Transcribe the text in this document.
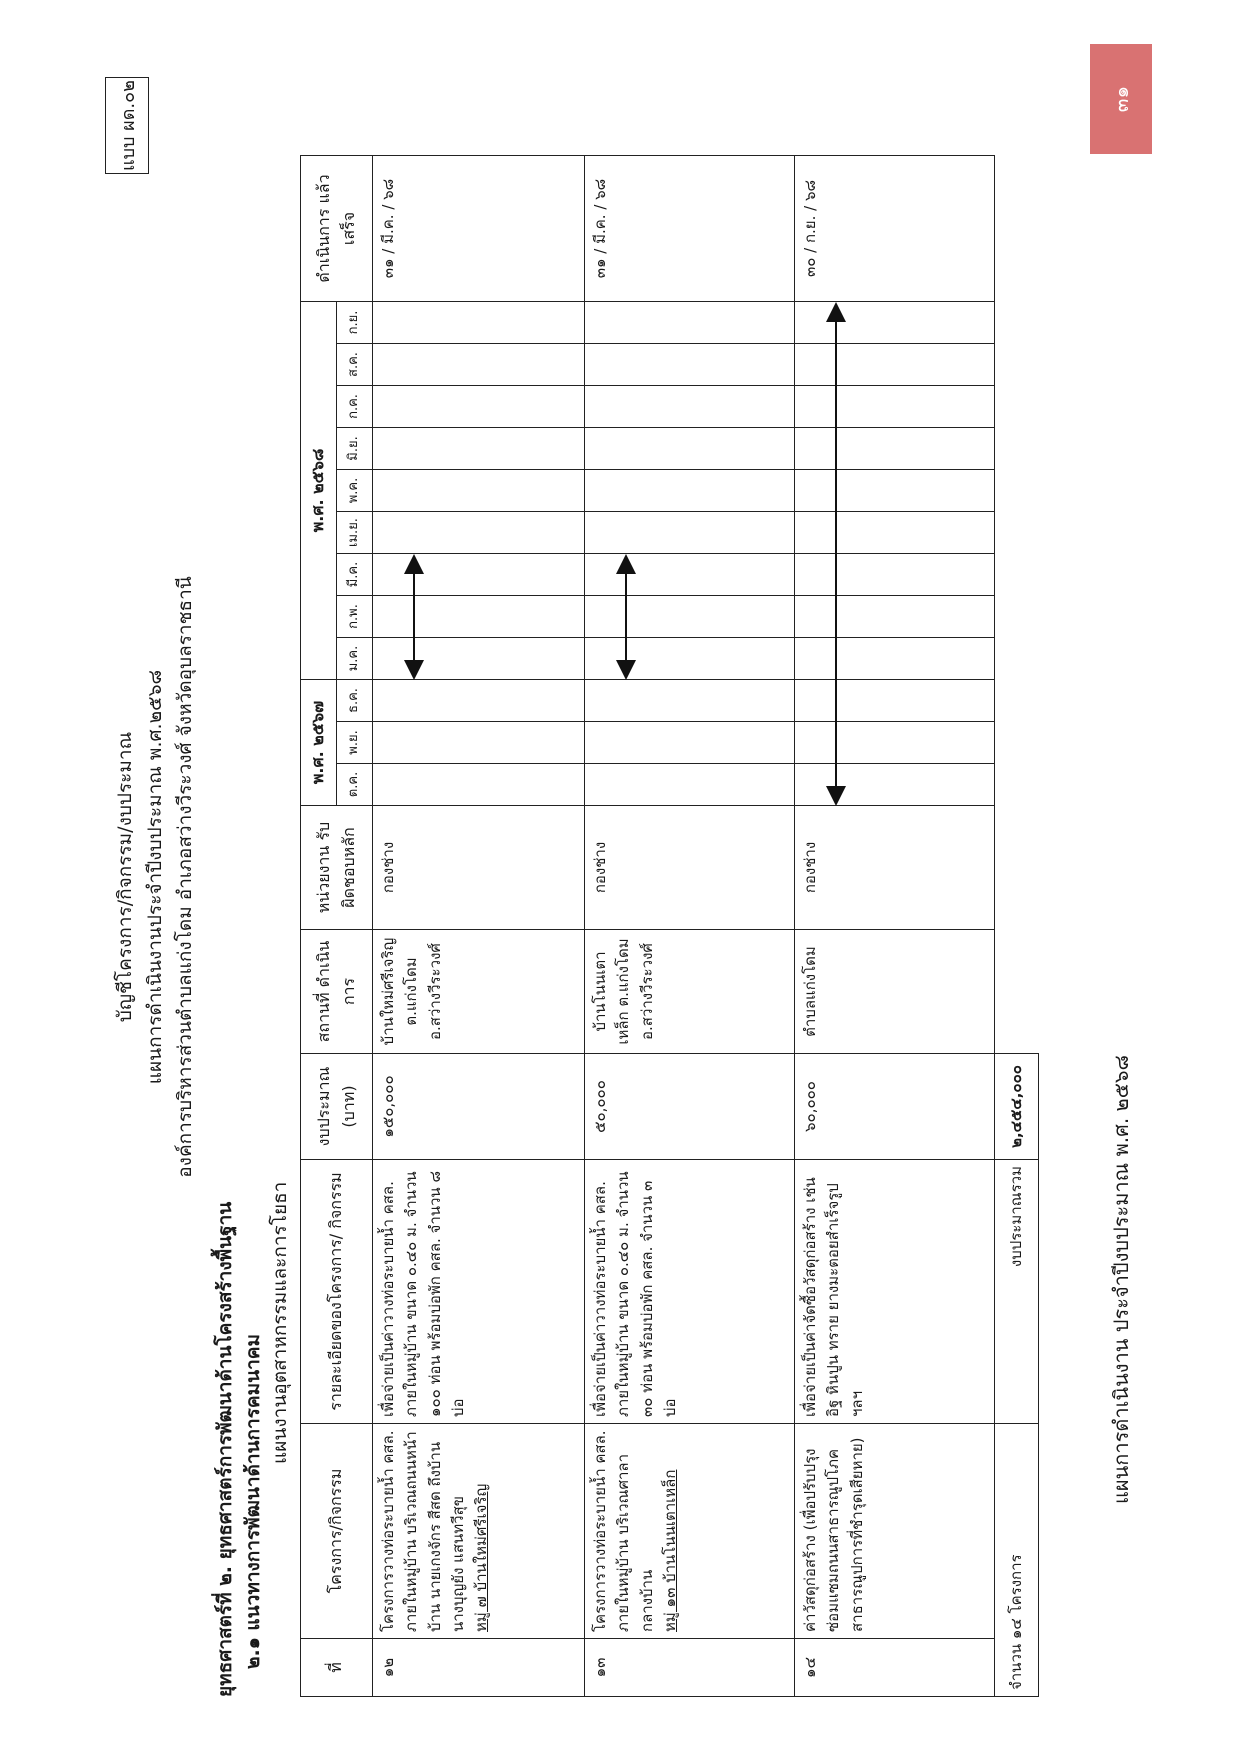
แบบ ผด.๐๒
บัญชีโครงการ/กิจกรรม/งบประมาณ แผนการดำเนินงานประจำปีงบประมาณ พ.ศ.๒๕๖๘ องค์การบริหารส่วนตำบลแก่งโดม อำเภอสว่างวีระวงศ์ จังหวัดอุบลราชธานี
ยุทธศาสตร์ที่ ๒. ยุทธศาสตร์การพัฒนาด้านโครงสร้างพื้นฐาน ๒.๑ แนวทางการพัฒนาด้านการคมนาคม
แผนงานอุตสาหกรรมและการโยธา
ที่	โครงการ/กิจกรรม	รายละเอียดของโครงการ/ กิจกรรม	งบประมาณ (บาท)	สถานที่ ดำเนินการ	หน่วยงาน รับผิดชอบหลัก	พ.ศ. ๒๕๖๗			พ.ศ. ๒๕๖๘									ดำเนินการ แล้วเสร็จ
						ต.ค.	พ.ย.	ธ.ค.	ม.ค.	ก.พ.	มี.ค.	เม.ย.	พ.ค.	มิ.ย.	ก.ค.	ส.ค.	ก.ย.	
๑๒	โครงการวางท่อระบายน้ำ คสล. ภายในหมู่บ้าน บริเวณถนนหน้าบ้าน นายเกงจักร สีสด ถึงบ้าน นางบุญยัง แสนทวีสุข หมู่ ๗ บ้านใหม่ศรีเจริญ	เพื่อจ่ายเป็นค่าวางท่อระบายน้ำ คสล. ภายในหมู่บ้าน ขนาด ๐.๔๐ ม. จำนวน ๑๐๐ ท่อน พร้อมบ่อพัก คสล. จำนวน ๘ บ่อ	๑๕๐,๐๐๐	บ้านใหม่ศรีเจริญ ต.แก่งโดม อ.สว่างวีระวงศ์	กองช่าง													๓๑ / มี.ค. / ๖๘
๑๓	โครงการวางท่อระบายน้ำ คสล. ภายในหมู่บ้าน บริเวณศาลากลางบ้าน หมู่ ๑๓ บ้านโนนเตาเหล็ก	เพื่อจ่ายเป็นค่าวางท่อระบายน้ำ คสล. ภายในหมู่บ้าน ขนาด ๐.๔๐ ม. จำนวน ๓๐ ท่อน พร้อมบ่อพัก คสล. จำนวน ๓ บ่อ	๕๐,๐๐๐	บ้านโนนเตาเหล็ก ต.แก่งโดม อ.สว่างวีระวงศ์	กองช่าง													๓๑ / มี.ค. / ๖๘
๑๔	ค่าวัสดุก่อสร้าง (เพื่อปรับปรุงซ่อมแซมถนนสาธารณูปโภค สาธารณูปการที่ชำรุดเสียหาย)	เพื่อจ่ายเป็นค่าจัดซื้อวัสดุก่อสร้าง เช่น อิฐ หินปูน ทราย ยางมะตอยสำเร็จรูป ฯลฯ	๖๐,๐๐๐	ตำบลแก่งโดม	กองช่าง													๓๐ / ก.ย. / ๖๘
จำนวน ๑๔ โครงการ		งบประมาณรวม	๒,๔๕๔,๐๐๐																แผนการดำเนินงาน ประจำปีงบประมาณ พ.ศ. ๒๕๖๘
๓๑
